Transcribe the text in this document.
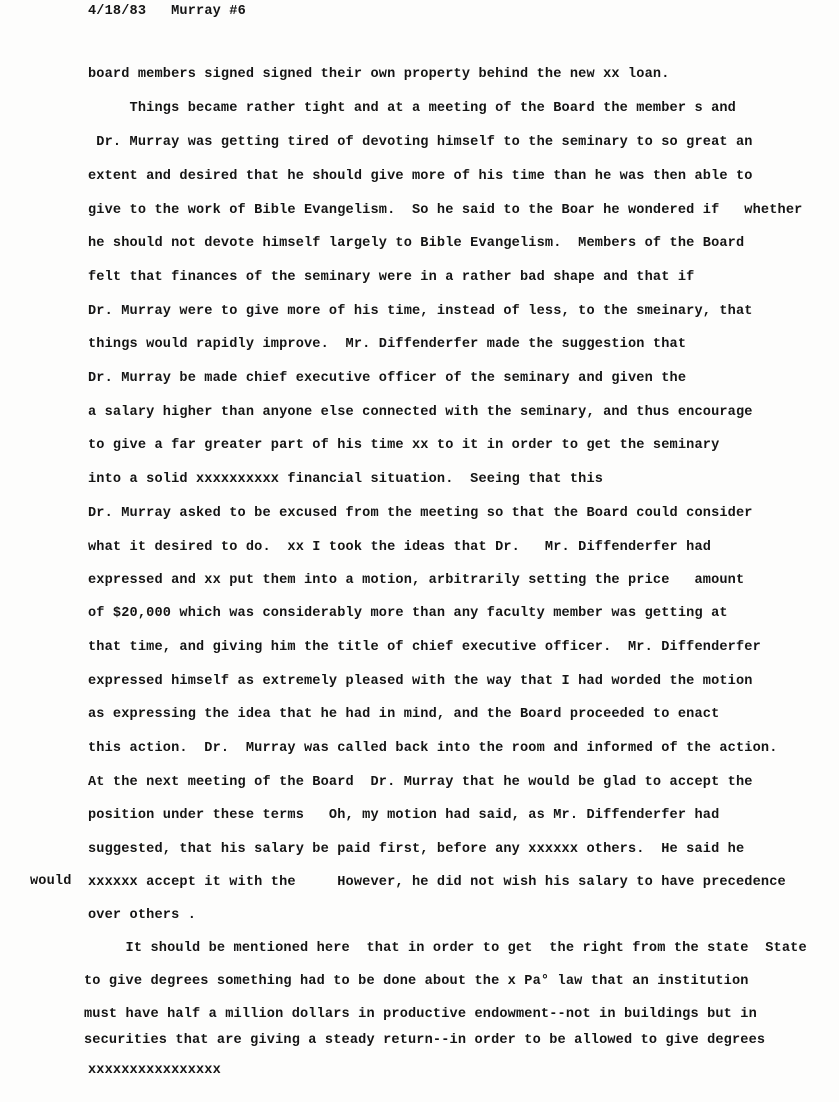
4/18/83 Murray #6
board members signed signed their own property behind the new xx loan.
Things became rather tight and at a meeting of the Board the member s and
Dr. Murray was getting tired of devoting himself to the seminary to so great an
extent and desired that he should give more of his time than he was then able to
give to the work of Bible Evangelism.  So he said to the Boar he wondered if   whether
he should not devote himself largely to Bible Evangelism.  Members of the Board
felt that finances of the seminary were in a rather bad shape and that if
Dr. Murray were to give more of his time, instead of less, to the smeinary, that
things would rapidly improve.  Mr. Diffenderfer made the suggestion that
Dr. Murray be made chief executive officer of the seminary and given the
a salary higher than anyone else connected with the seminary, and thus encourage
to give a far greater part of his time xx to it in order to get the seminary
into a solid xxxxxxxxxx financial situation.  Seeing that this
Dr. Murray asked to be excused from the meeting so that the Board could consider
what it desired to do.  xx I took the ideas that Dr.   Mr. Diffenderfer had
expressed and xx put them into a motion, arbitrarily setting the price   amount
of $20,000 which was considerably more than any faculty member was getting at
that time, and giving him the title of chief executive officer.  Mr. Diffenderfer
expressed himself as extremely pleased with the way that I had worded the motion
as expressing the idea that he had in mind, and the Board proceeded to enact
this action.  Dr.  Murray was called back into the room and informed of the action.
At the next meeting of the Board  Dr. Murray that he would be glad to accept the
position under these terms   Oh, my motion had said, as Mr. Diffenderfer had
suggested, that his salary be paid first, before any xxxxxx others.  He said he
would xxxxxx accept it with the     However, he did not wish his salary to have precedence
over others .
It should be mentioned here  that in order to get  the right from the state  State
to give degrees something had to be done about the x Pa° law that an institution
must have half a million dollars in productive endowment--not in buildings but in
securities that are giving a steady return--in order to be allowed to give degrees
xxxxxxxxxxxxxxxx
